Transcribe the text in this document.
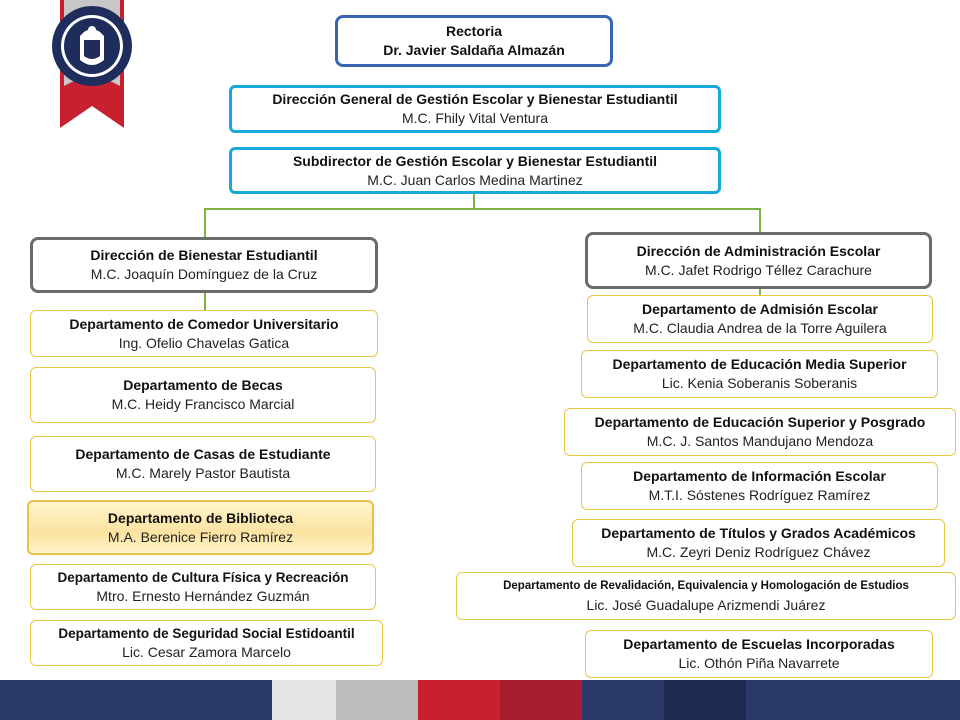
Rectoria
Dr. Javier Saldaña Almazán
Dirección General de Gestión Escolar y Bienestar Estudiantil
M.C. Fhily Vital Ventura
Subdirector de Gestión Escolar y Bienestar Estudiantil
M.C. Juan Carlos Medina Martinez
Dirección de Bienestar Estudiantil
M.C. Joaquín Domínguez de la Cruz
Departamento de Comedor Universitario
Ing. Ofelio Chavelas Gatica
Departamento de Becas
M.C. Heidy Francisco Marcial
Departamento de Casas de Estudiante
M.C. Marely Pastor Bautista
Departamento de Biblioteca
M.A. Berenice Fierro Ramírez
Departamento de Cultura Física y Recreación
Mtro. Ernesto Hernández Guzmán
Departamento de Seguridad Social Estidoantil
Lic. Cesar Zamora Marcelo
Dirección de Administración Escolar
M.C. Jafet Rodrigo Téllez Carachure
Departamento de Admisión Escolar
M.C. Claudia Andrea de la Torre Aguilera
Departamento de Educación Media Superior
Lic. Kenia Soberanis Soberanis
Departamento de Educación Superior y Posgrado
M.C. J. Santos Mandujano Mendoza
Departamento de Información Escolar
M.T.I. Sóstenes Rodríguez Ramírez
Departamento de Títulos y Grados Académicos
M.C. Zeyri Deniz Rodríguez Chávez
Departamento de Revalidación, Equivalencia y Homologación de Estudios
Lic. José Guadalupe Arizmendi Juárez
Departamento de Escuelas Incorporadas
Lic. Othón Piña Navarrete
